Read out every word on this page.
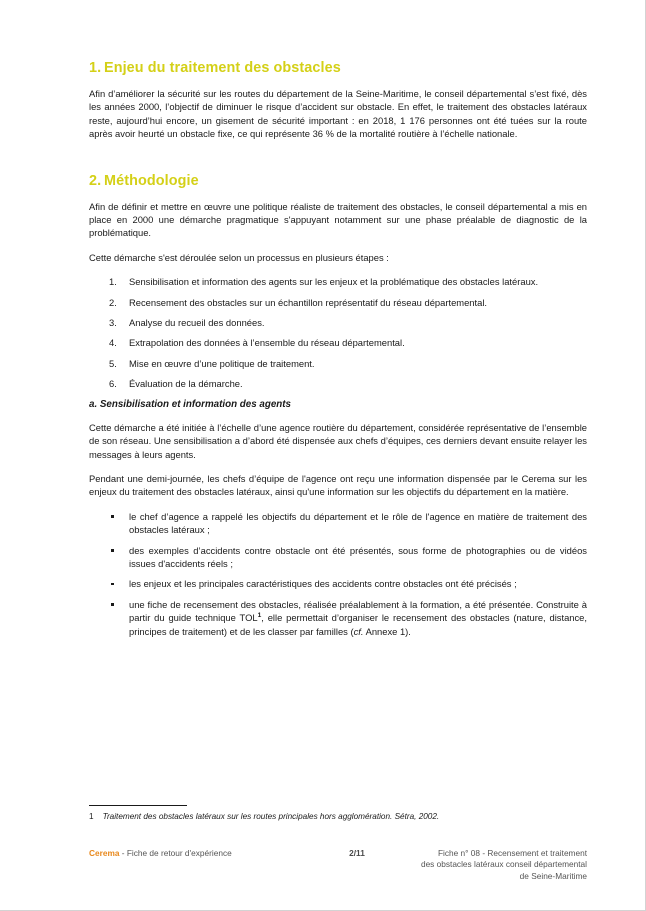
1. Enjeu du traitement des obstacles

Afin d’améliorer la sécurité sur les routes du département de la Seine-Maritime, le conseil départemental s’est fixé, dès les années 2000, l’objectif de diminuer le risque d’accident sur obstacle. En effet, le traitement des obstacles latéraux reste, aujourd’hui encore, un gisement de sécurité important : en 2018, 1 176 personnes ont été tuées sur la route après avoir heurté un obstacle fixe, ce qui représente 36 % de la mortalité routière à l’échelle nationale.

2. Méthodologie

Afin de définir et mettre en œuvre une politique réaliste de traitement des obstacles, le conseil départemental a mis en place en 2000 une démarche pragmatique s'appuyant notamment sur une phase préalable de diagnostic de la problématique.

Cette démarche s'est déroulée selon un processus en plusieurs étapes :

1.	Sensibilisation et information des agents sur les enjeux et la problématique des obstacles latéraux.
2.	Recensement des obstacles sur un échantillon représentatif du réseau départemental.
3.	Analyse du recueil des données.
4.	Extrapolation des données à l’ensemble du réseau départemental.
5.	Mise en œuvre d’une politique de traitement.
6.	Évaluation de la démarche.
a. Sensibilisation et information des agents

Cette démarche a été initiée à l’échelle d’une agence routière du département, considérée représentative de l’ensemble de son réseau. Une sensibilisation a d’abord été dispensée aux chefs d’équipes, ces derniers devant ensuite relayer les messages à leurs agents.

Pendant une demi-journée, les chefs d’équipe de l'agence ont reçu une information dispensée par le Cerema sur les enjeux du traitement des obstacles latéraux, ainsi qu'une information sur les objectifs du département en la matière.

le chef d’agence a rappelé les objectifs du département et le rôle de l'agence en matière de traitement des obstacles latéraux ;
des exemples d’accidents contre obstacle ont été présentés, sous forme de photographies ou de vidéos issues d'accidents réels ;
les enjeux et les principales caractéristiques des accidents contre obstacles ont été précisés ;
une fiche de recensement des obstacles, réalisée préalablement à la formation, a été présentée. Construite à partir du guide technique TOL$^1$, elle permettait d’organiser le recensement des obstacles (nature, distance, principes de traitement) et de les classer par familles (cf. Annexe 1).
1 Traitement des obstacles latéraux sur les routes principales hors agglomération. Sétra, 2002.
Cerema - Fiche de retour d'expérience	2/11	Fiche n° 08 - Recensement et traitement
des obstacles latéraux conseil départemental
de Seine-Maritime
